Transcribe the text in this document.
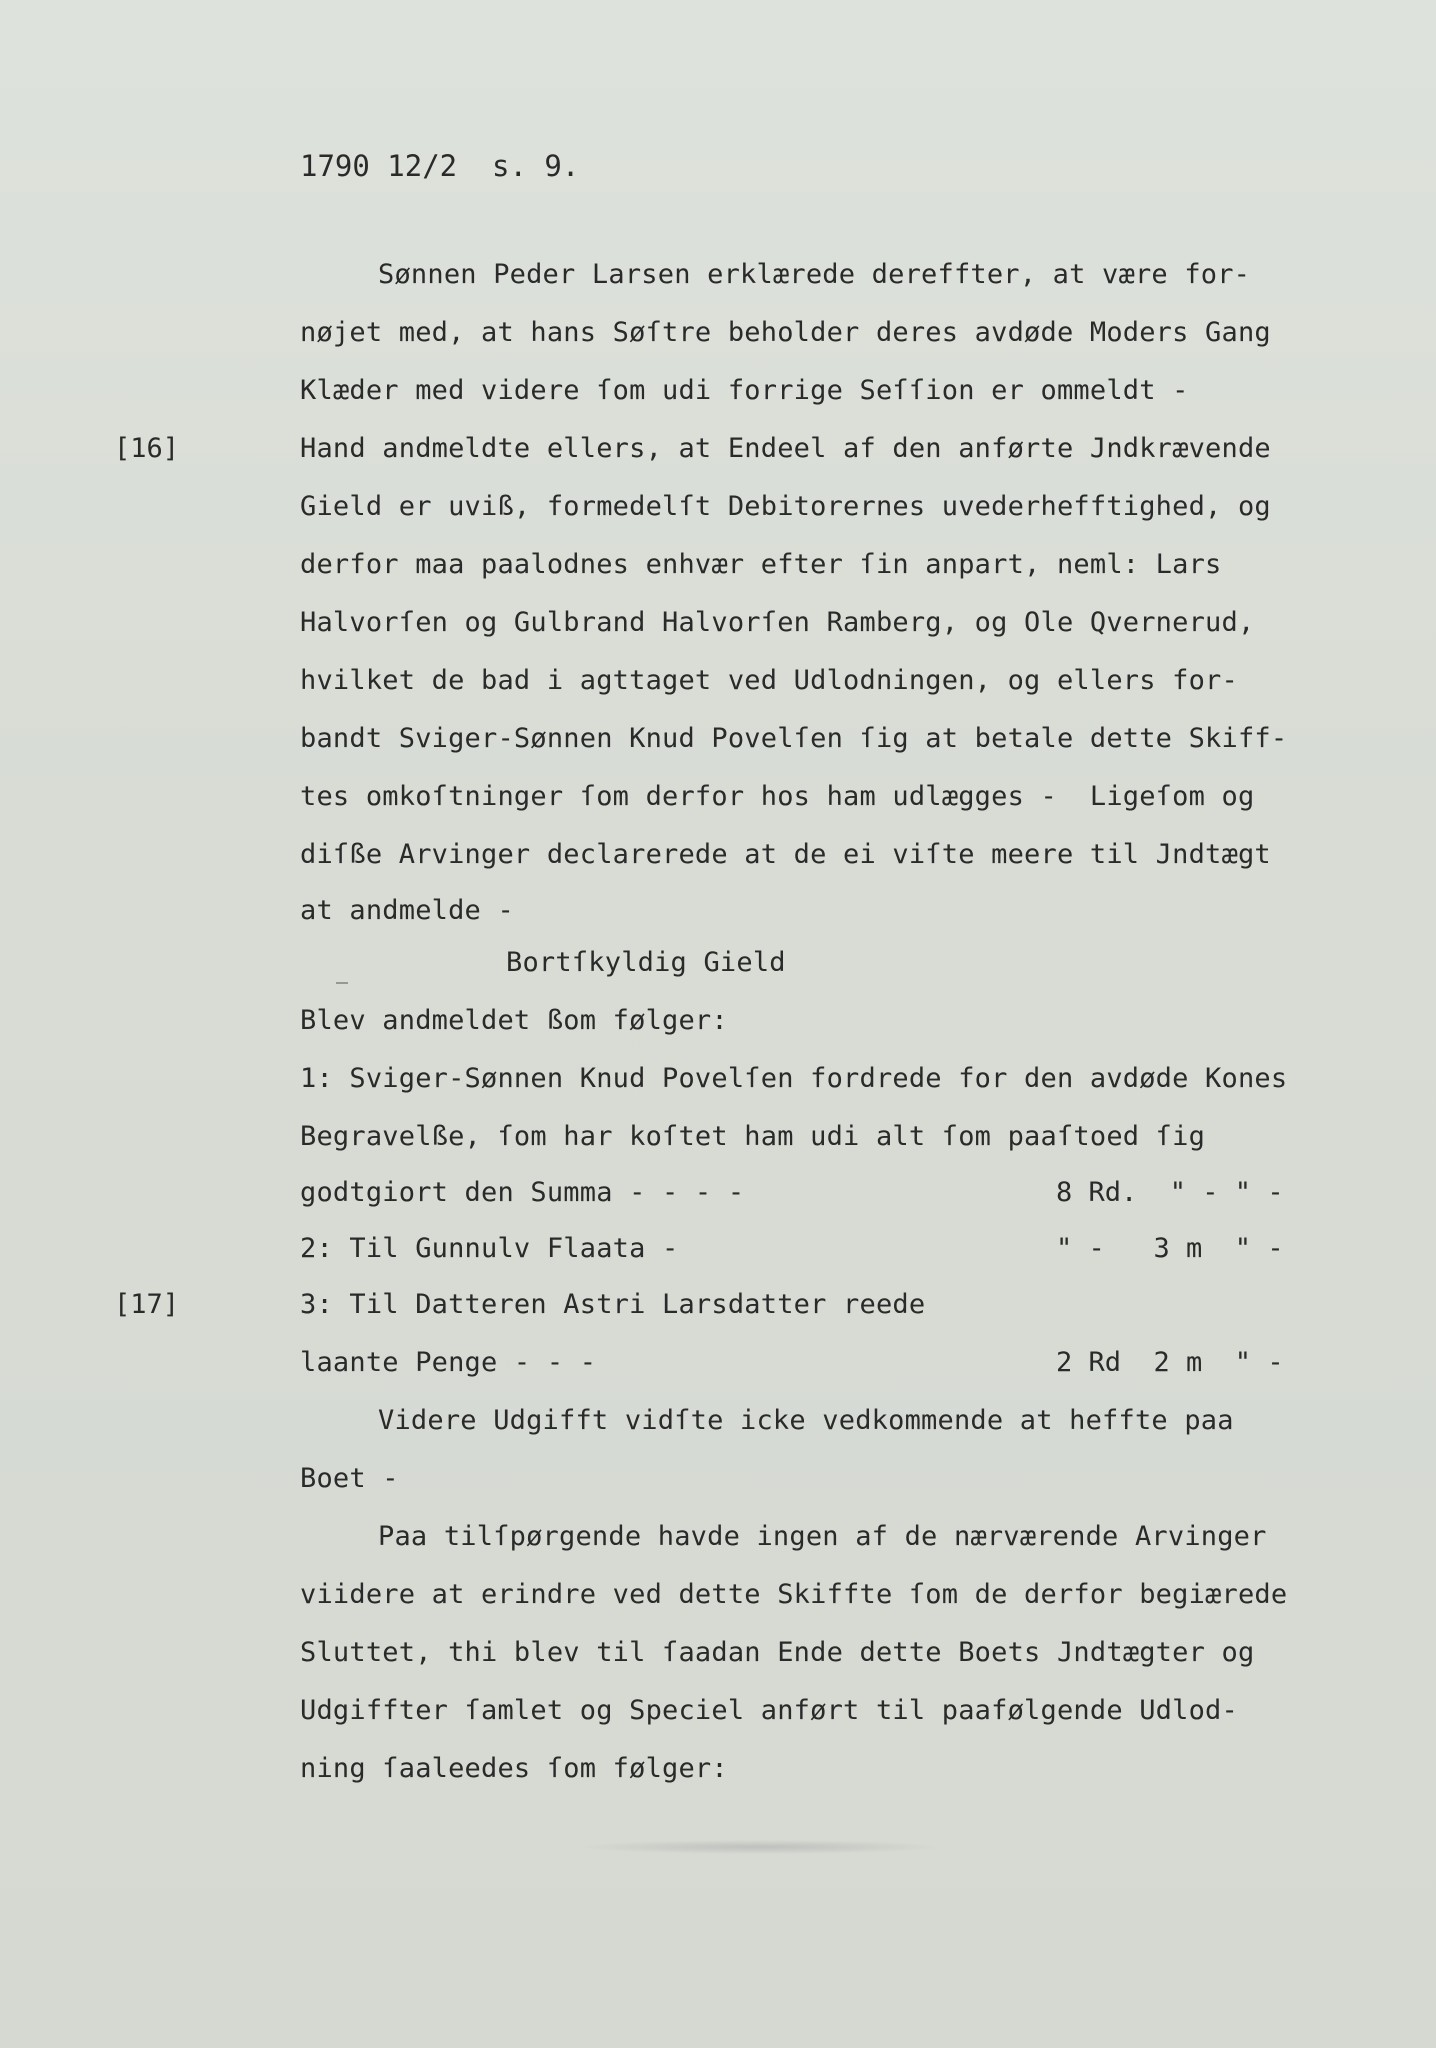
1790 12/2  s. 9.
[16]
[17]
Sønnen Peder Larsen erklærede dereffter, at være for-
nøjet med, at hans Søſtre beholder deres avdøde Moders Gang
Klæder med videre ſom udi forrige Seſſion er ommeldt -
Hand andmeldte ellers, at Endeel af den anførte Jndkrævende
Gield er uviß, formedelſt Debitorernes uvederhefftighed, og
derfor maa paalodnes enhvær efter ſin anpart, neml: Lars
Halvorſen og Gulbrand Halvorſen Ramberg, og Ole Qvernerud,
hvilket de bad i agttaget ved Udlodningen, og ellers for-
bandt Sviger-Sønnen Knud Povelſen ſig at betale dette Skiff-
tes omkoſtninger ſom derfor hos ham udlægges -  Ligeſom og
diſße Arvinger declarerede at de ei viſte meere til Jndtægt
at andmelde -
Bortſkyldig Gield
Blev andmeldet ßom følger:
1: Sviger-Sønnen Knud Povelſen fordrede for den avdøde Kones
Begravelße, ſom har koſtet ham udi alt ſom paaſtoed ſig
godtgiort den Summa - - - -	8 Rd.  " - " -
2: Til Gunnulv Flaata -	" -   3 m  " -
3: Til Datteren Astri Larsdatter reede
laante Penge - - -	2 Rd  2 m  " -
Videre Udgifft vidſte icke vedkommende at heffte paa
Boet -
Paa tilſpørgende havde ingen af de nærværende Arvinger
viidere at erindre ved dette Skiffte ſom de derfor begiærede
Sluttet, thi blev til ſaadan Ende dette Boets Jndtægter og
Udgiffter ſamlet og Speciel anført til paafølgende Udlod-
ning ſaaleedes ſom følger:
